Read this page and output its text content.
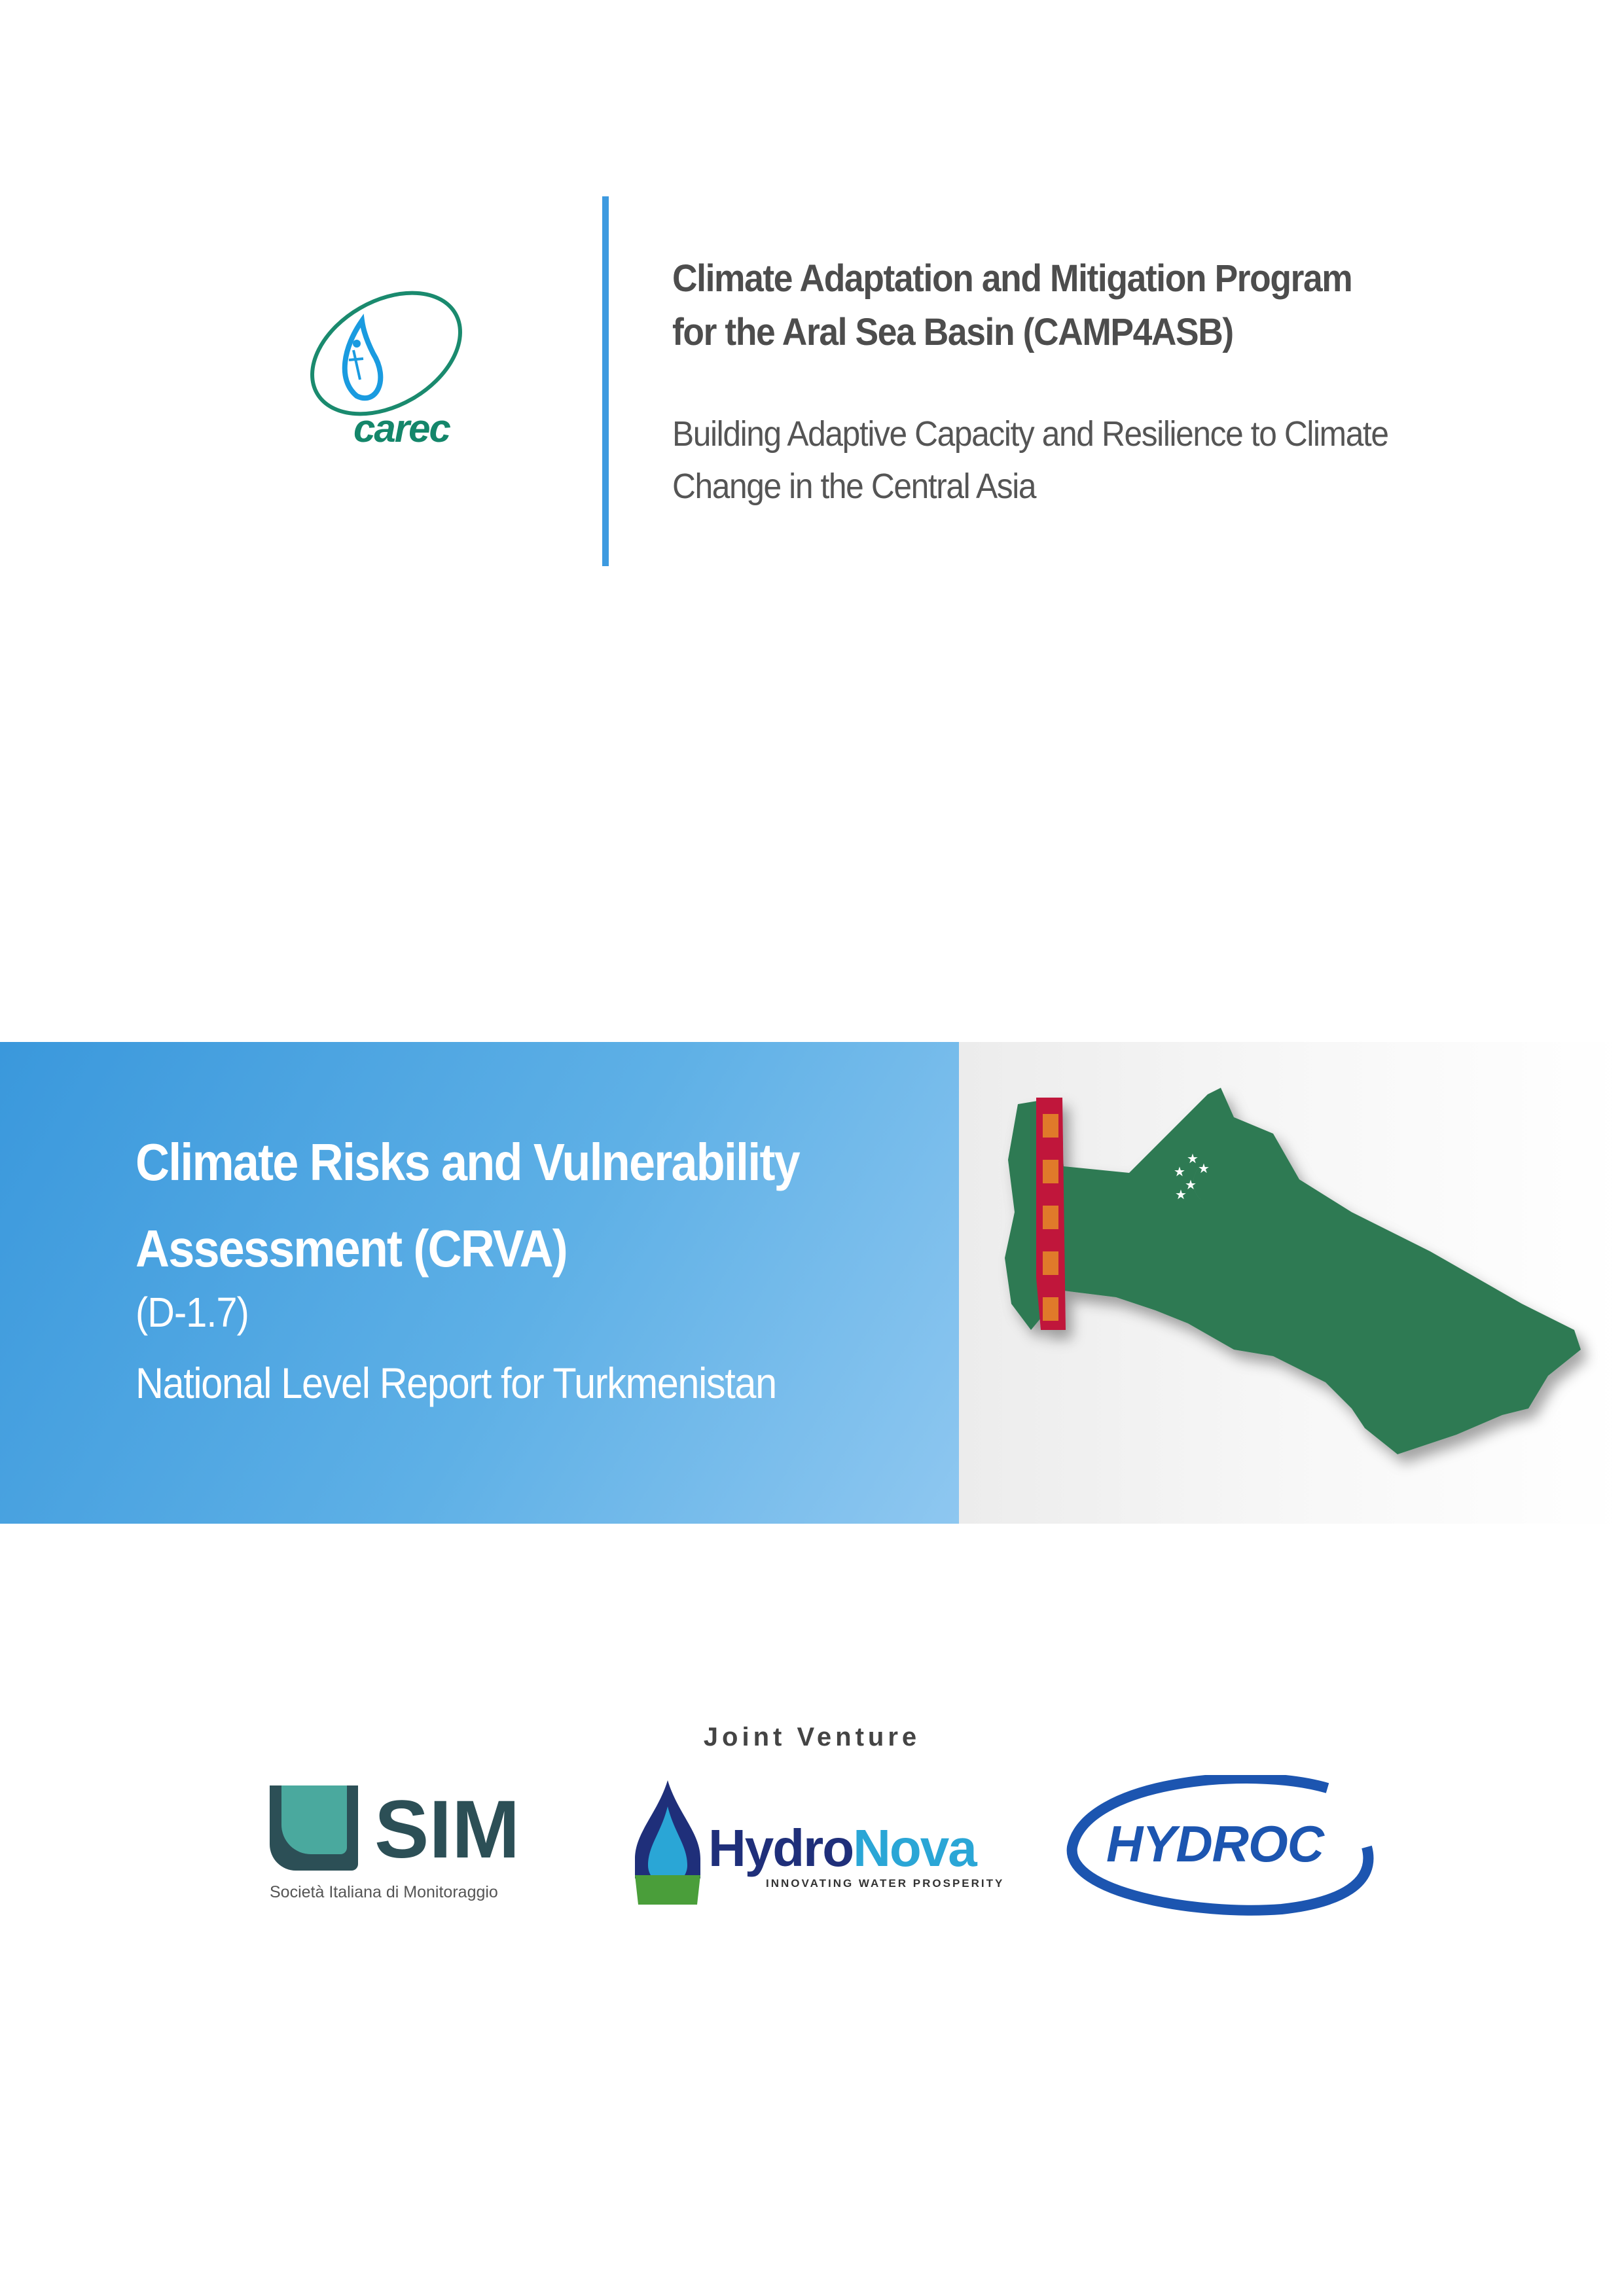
carec
Climate Adaptation and Mitigation Program
for the Aral Sea Basin (CAMP4ASB)
Building Adaptive Capacity and Resilience to Climate
Change in the Central Asia
Climate Risks and Vulnerability
Assessment (CRVA)
(D-1.7)
National Level Report for Turkmenistan
★
★
★
★
★
Joint Venture
SIM
Società Italiana di Monitoraggio
HydroNova
INNOVATING WATER PROSPERITY
HYDROC
